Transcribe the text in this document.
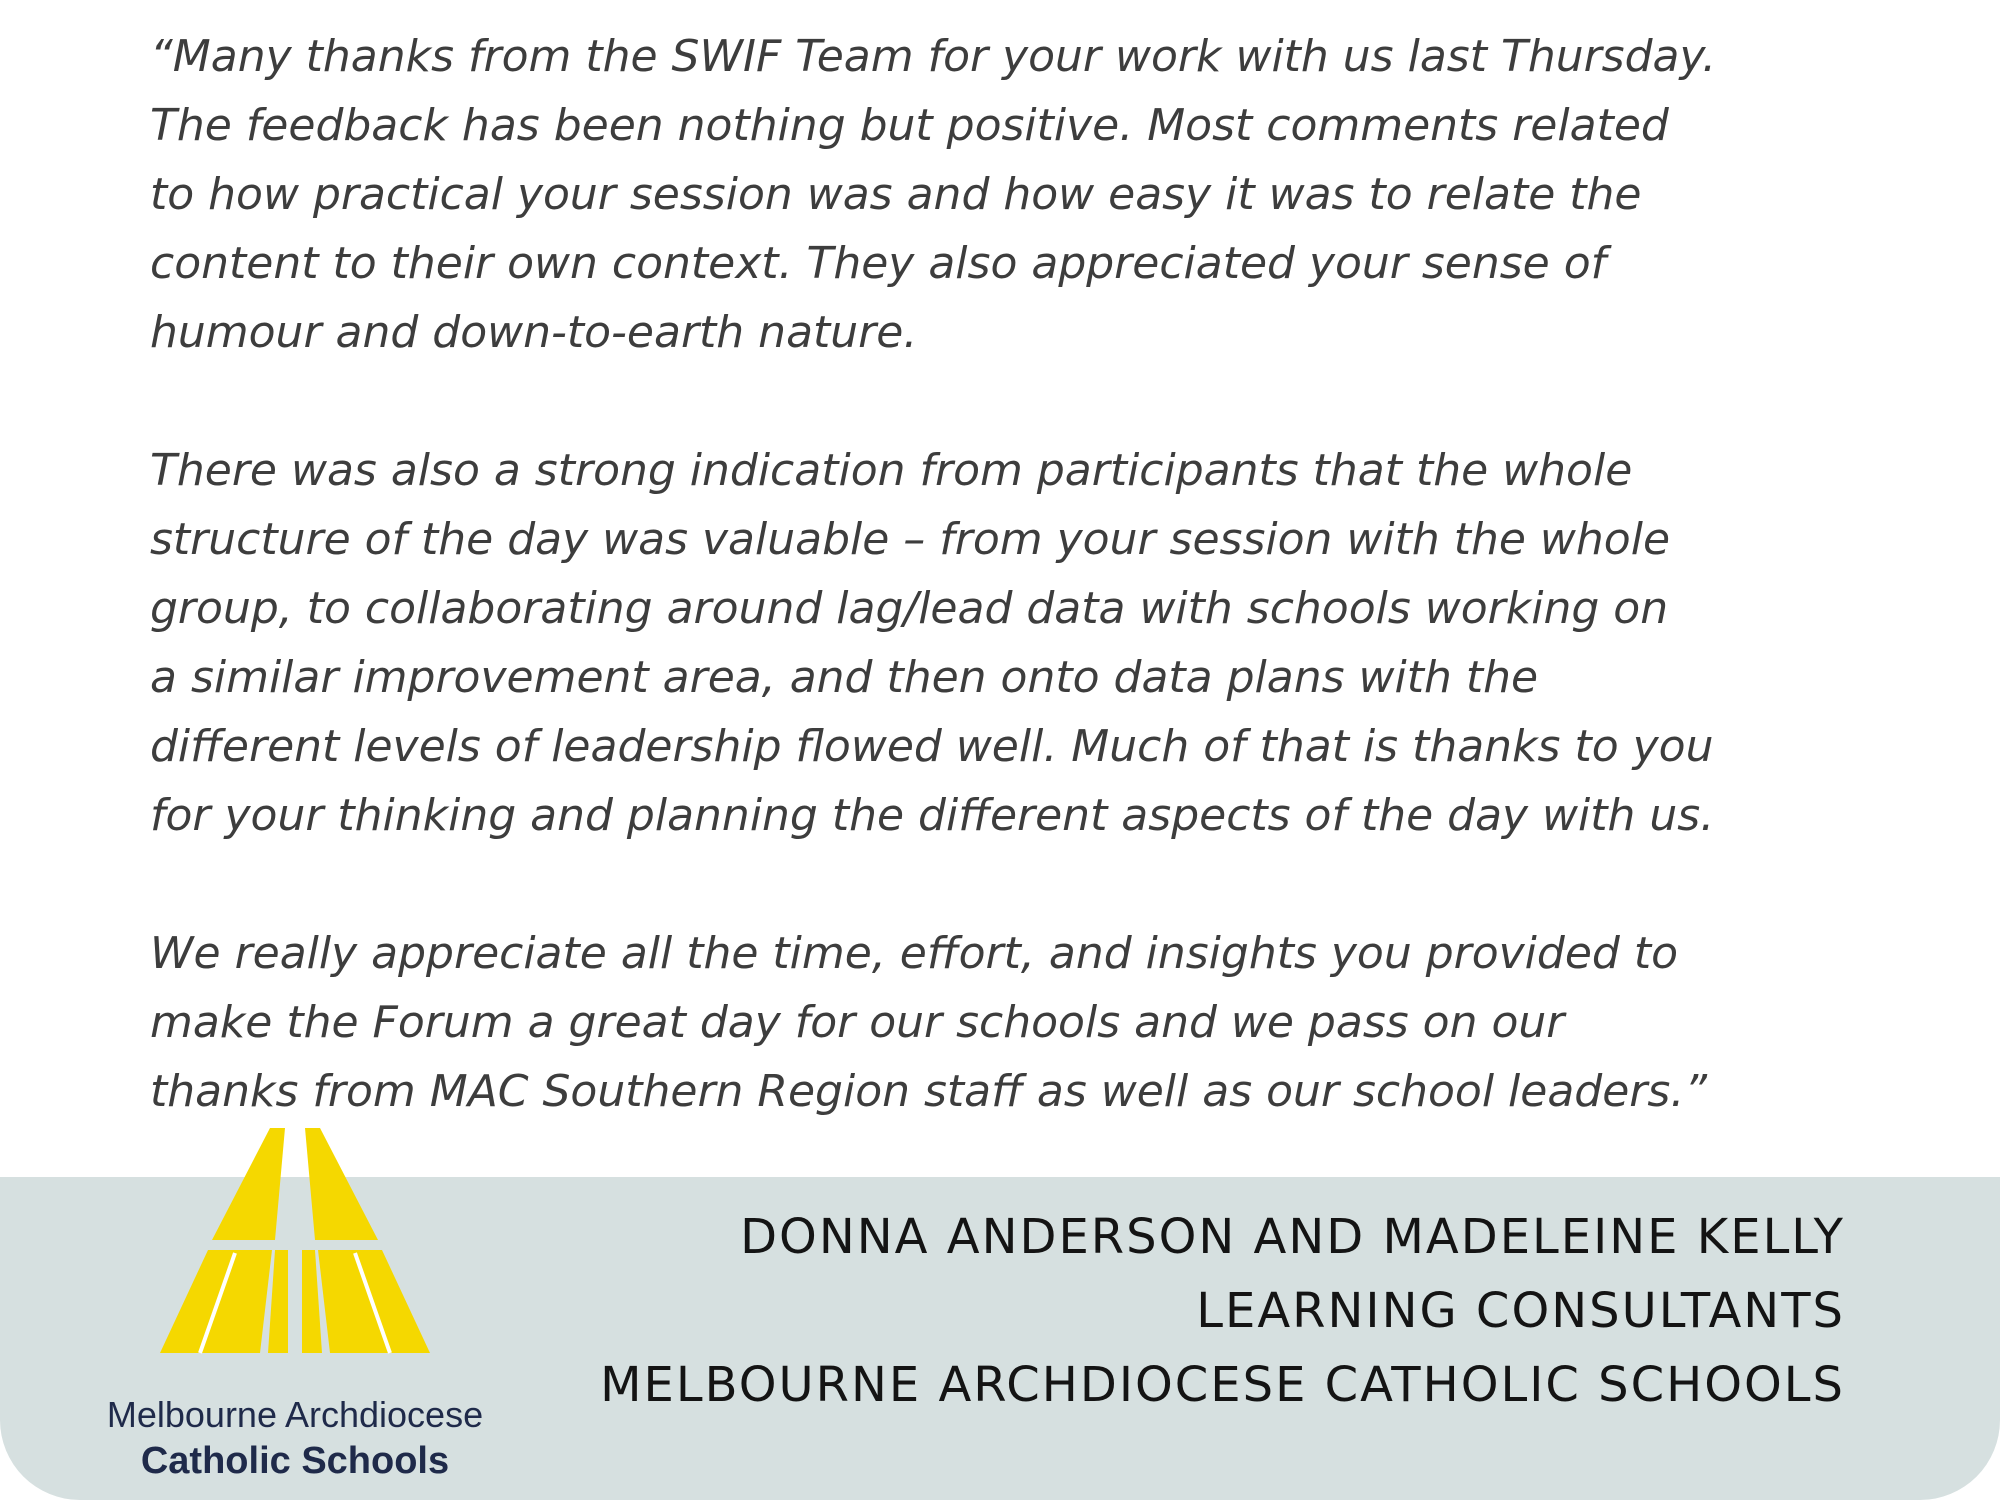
“Many thanks from the SWIF Team for your work with us last Thursday.
The feedback has been nothing but positive. Most comments related
to how practical your session was and how easy it was to relate the
content to their own context. They also appreciated your sense of
humour and down-to-earth nature.

There was also a strong indication from participants that the whole
structure of the day was valuable – from your session with the whole
group, to collaborating around lag/lead data with schools working on
a similar improvement area, and then onto data plans with the
different levels of leadership flowed well. Much of that is thanks to you
for your thinking and planning the different aspects of the day with us.

We really appreciate all the time, effort, and insights you provided to
make the Forum a great day for our schools and we pass on our
thanks from MAC Southern Region staff as well as our school leaders.”

Melbourne Archdiocese
Catholic Schools
DONNA ANDERSON AND MADELEINE KELLY
LEARNING CONSULTANTS
MELBOURNE ARCHDIOCESE CATHOLIC SCHOOLS
